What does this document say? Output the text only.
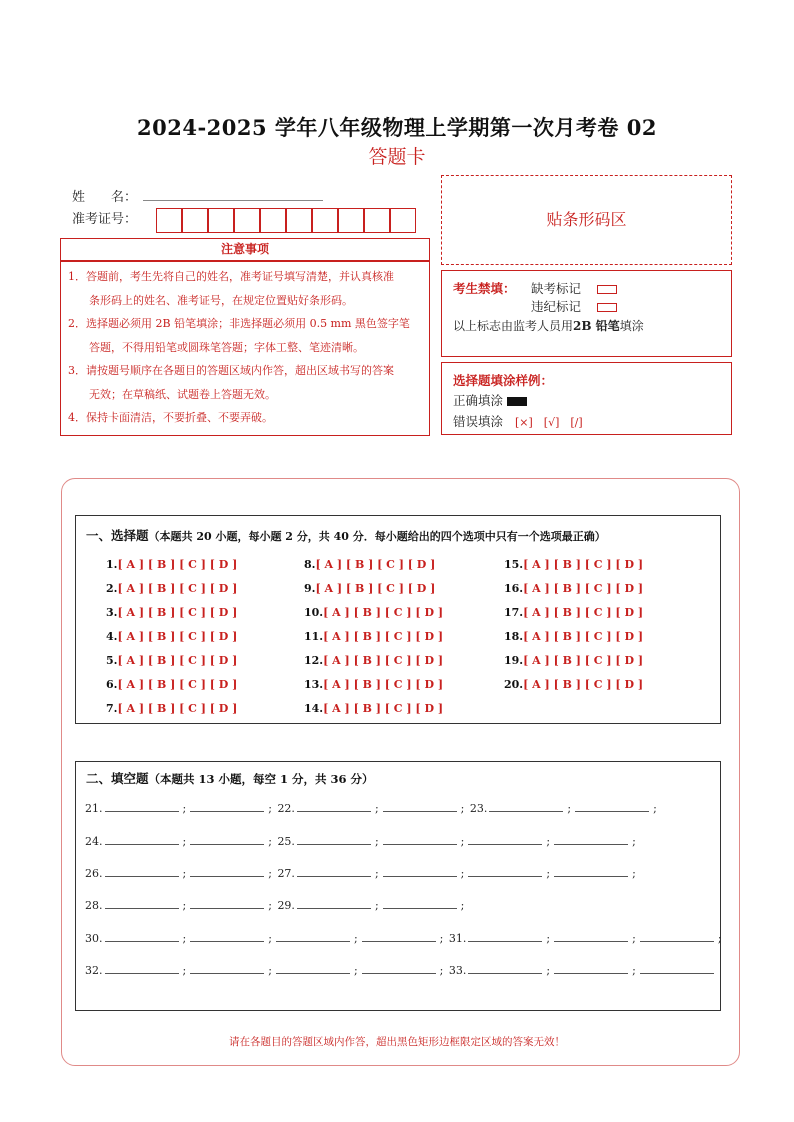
2024-2025 学年八年级物理上学期第一次月考卷 02
答题卡
姓　　名：
准考证号：	贴条形码区
注意事项

1．答题前，考生先将自己的姓名，准考证号填写清楚，并认真核准

条形码上的姓名、准考证号，在规定位置贴好条形码。

2．选择题必须用 2B 铅笔填涂；非选择题必须用 0.5 mm 黑色签字笔

答题，不得用铅笔或圆珠笔答题；字体工整、笔迹清晰。

3．请按题号顺序在各题目的答题区域内作答，超出区域书写的答案

无效；在草稿纸、试题卷上答题无效。

4．保持卡面清洁，不要折叠、不要弄破。

考生禁填： 缺考标记
违纪标记
以上标志由监考人员用2B 铅笔填涂
选择题填涂样例：
正确填涂
错误填涂 [×]　[√]　[/]
一、选择题（本题共 20 小题，每小题 2 分，共 40 分．每小题给出的四个选项中只有一个选项最正确）
1.[ A ] [ B ] [ C ] [ D ]
2.[ A ] [ B ] [ C ] [ D ]
3.[ A ] [ B ] [ C ] [ D ]
4.[ A ] [ B ] [ C ] [ D ]
5.[ A ] [ B ] [ C ] [ D ]
6.[ A ] [ B ] [ C ] [ D ]
7.[ A ] [ B ] [ C ] [ D ]
8.[ A ] [ B ] [ C ] [ D ]
9.[ A ] [ B ] [ C ] [ D ]
10.[ A ] [ B ] [ C ] [ D ]
11.[ A ] [ B ] [ C ] [ D ]
12.[ A ] [ B ] [ C ] [ D ]
13.[ A ] [ B ] [ C ] [ D ]
14.[ A ] [ B ] [ C ] [ D ]
15.[ A ] [ B ] [ C ] [ D ]
16.[ A ] [ B ] [ C ] [ D ]
17.[ A ] [ B ] [ C ] [ D ]
18.[ A ] [ B ] [ C ] [ D ]
19.[ A ] [ B ] [ C ] [ D ]
20.[ A ] [ B ] [ C ] [ D ]
二、填空题（本题共 13 小题，每空 1 分，共 36 分）
21.	;	; 22.	;	; 23.	;	;
24.	;	; 25.	;	;	;	;
26.	;	; 27.	;	;	;	;
28.	;	; 29.	;	;
30.	;	;	;	; 31.	;	;	;
32.	;	;	;	; 33.	;	;
请在各题目的答题区域内作答，超出黑色矩形边框限定区域的答案无效！
